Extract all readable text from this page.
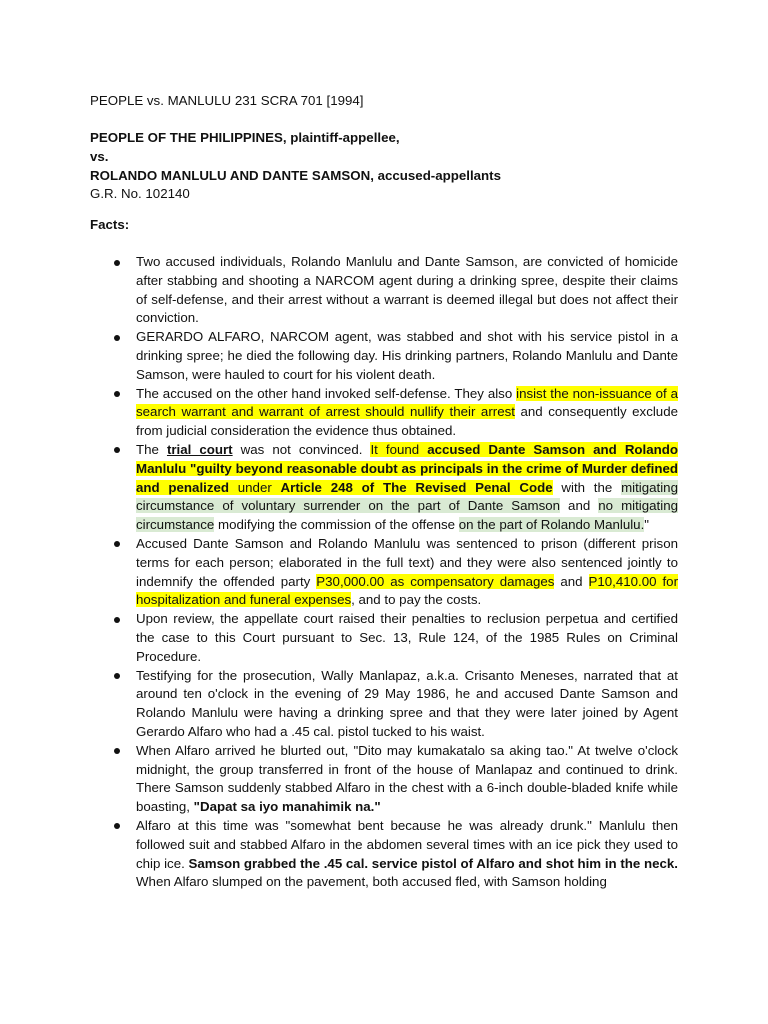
PEOPLE vs. MANLULU 231 SCRA 701 [1994]

PEOPLE OF THE PHILIPPINES, plaintiff-appellee,
vs.
ROLANDO MANLULU AND DANTE SAMSON, accused-appellants
G.R. No. 102140

Facts:

Two accused individuals, Rolando Manlulu and Dante Samson, are convicted of homicide after stabbing and shooting a NARCOM agent during a drinking spree, despite their claims of self-defense, and their arrest without a warrant is deemed illegal but does not affect their conviction.
GERARDO ALFARO, NARCOM agent, was stabbed and shot with his service pistol in a drinking spree; he died the following day. His drinking partners, Rolando Manlulu and Dante Samson, were hauled to court for his violent death.
The accused on the other hand invoked self-defense. They also insist the non-issuance of a search warrant and warrant of arrest should nullify their arrest and consequently exclude from judicial consideration the evidence thus obtained.
The trial court was not convinced. It found accused Dante Samson and Rolando Manlulu "guilty beyond reasonable doubt as principals in the crime of Murder defined and penalized under Article 248 of The Revised Penal Code with the mitigating circumstance of voluntary surrender on the part of Dante Samson and no mitigating circumstance modifying the commission of the offense on the part of Rolando Manlulu."
Accused Dante Samson and Rolando Manlulu was sentenced to prison (different prison terms for each person; elaborated in the full text) and they were also sentenced jointly to indemnify the offended party P30,000.00 as compensatory damages and P10,410.00 for hospitalization and funeral expenses, and to pay the costs.
Upon review, the appellate court raised their penalties to reclusion perpetua and certified the case to this Court pursuant to Sec. 13, Rule 124, of the 1985 Rules on Criminal Procedure.
Testifying for the prosecution, Wally Manlapaz, a.k.a. Crisanto Meneses, narrated that at around ten o'clock in the evening of 29 May 1986, he and accused Dante Samson and Rolando Manlulu were having a drinking spree and that they were later joined by Agent Gerardo Alfaro who had a .45 cal. pistol tucked to his waist.
When Alfaro arrived he blurted out, "Dito may kumakatalo sa aking tao." At twelve o'clock midnight, the group transferred in front of the house of Manlapaz and continued to drink. There Samson suddenly stabbed Alfaro in the chest with a 6-inch double-bladed knife while boasting, "Dapat sa iyo manahimik na."
Alfaro at this time was "somewhat bent because he was already drunk." Manlulu then followed suit and stabbed Alfaro in the abdomen several times with an ice pick they used to chip ice. Samson grabbed the .45 cal. service pistol of Alfaro and shot him in the neck. When Alfaro slumped on the pavement, both accused fled, with Samson holding
